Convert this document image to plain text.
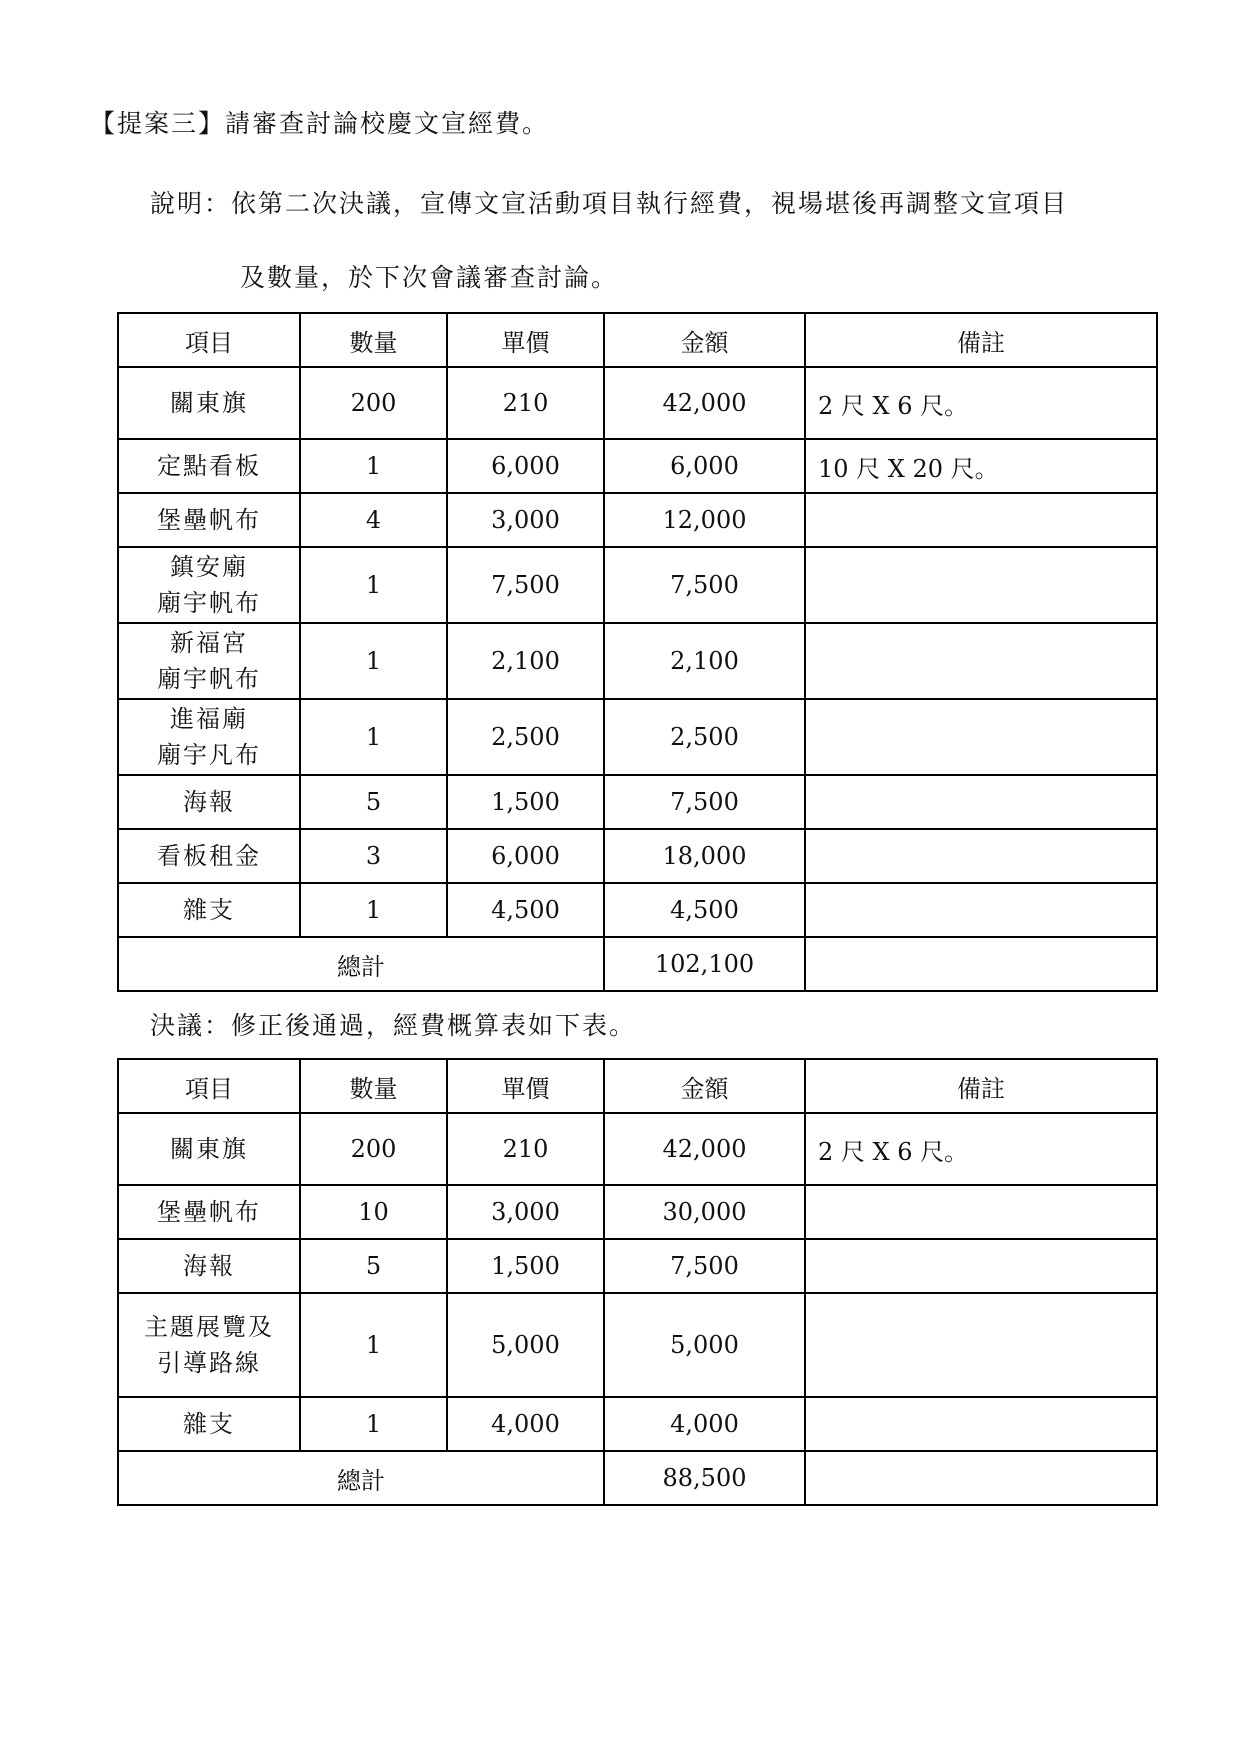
【提案三】請審查討論校慶文宣經費。
說明：依第二次決議，宣傳文宣活動項目執行經費，視場堪後再調整文宣項目
及數量，於下次會議審查討論。
項目	數量	單價	金額	備註

關東旗	200	210	42,000	2 尺 X 6 尺。

定點看板	1	6,000	6,000	10 尺 X 20 尺。

堡壘帆布	4	3,000	12,000	

鎮安廟
廟宇帆布	1	7,500	7,500	

新福宮
廟宇帆布	1	2,100	2,100	

進福廟
廟宇凡布	1	2,500	2,500	

海報	5	1,500	7,500	

看板租金	3	6,000	18,000	

雜支	1	4,500	4,500	
總計			102,100	
決議：修正後通過，經費概算表如下表。
項目	數量	單價	金額	備註

關東旗	200	210	42,000	2 尺 X 6 尺。

堡壘帆布	10	3,000	30,000	

海報	5	1,500	7,500	

主題展覽及
引導路線	1	5,000	5,000	

雜支	1	4,000	4,000	
總計			88,500	
